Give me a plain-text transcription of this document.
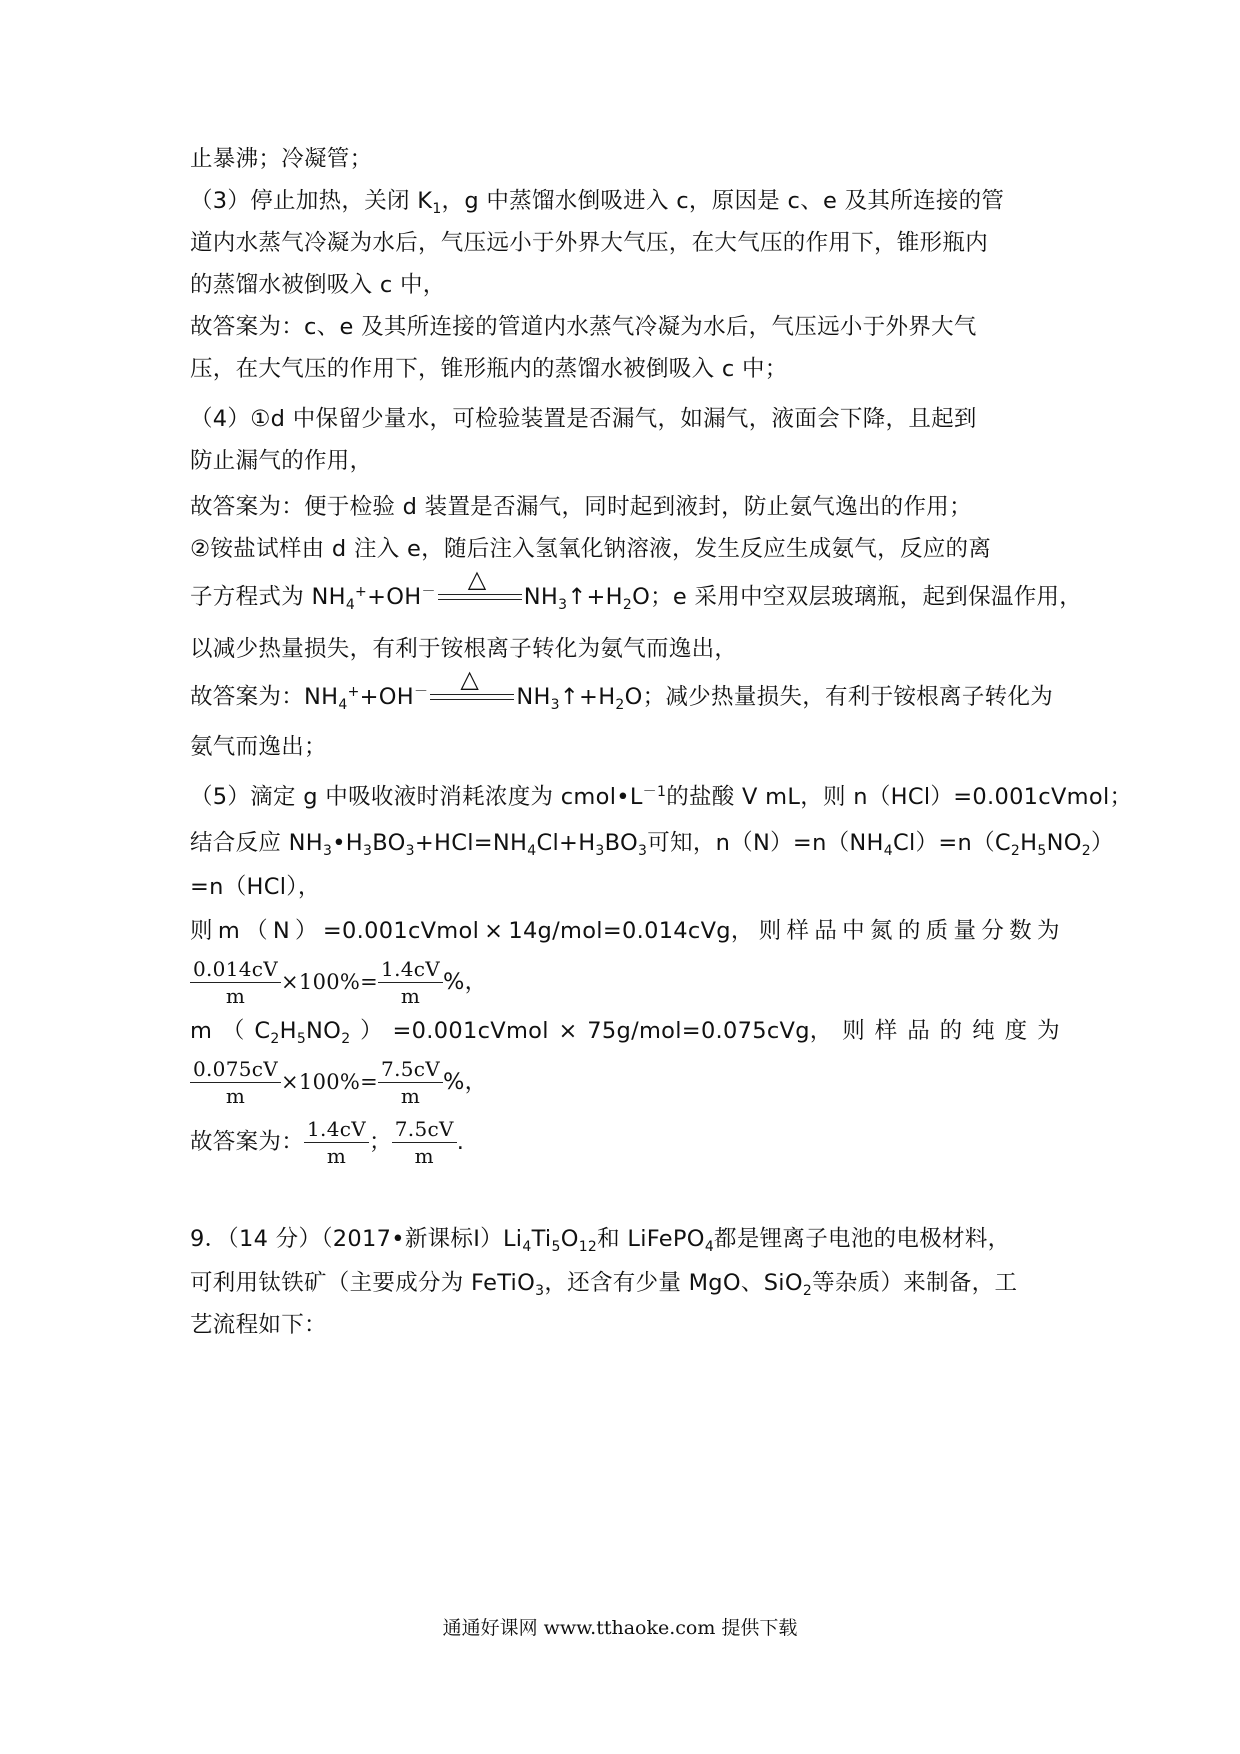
止暴沸；冷凝管；
（3）停止加热，关闭 $K_1$，g 中蒸馏水倒吸进入 c，原因是 c、e 及其所连接的管
道内水蒸气冷凝为水后，气压远小于外界大气压，在大气压的作用下，锥形瓶内
的蒸馏水被倒吸入 c 中，
故答案为：c、e 及其所连接的管道内水蒸气冷凝为水后，气压远小于外界大气
压，在大气压的作用下，锥形瓶内的蒸馏水被倒吸入 c 中；
（4）①d 中保留少量水，可检验装置是否漏气，如漏气，液面会下降，且起到
防止漏气的作用，
故答案为：便于检验 d 装置是否漏气，同时起到液封，防止氨气逸出的作用；
②铵盐试样由 d 注入 e，随后注入氢氧化钠溶液，发生反应生成氨气，反应的离
子方程式为 $NH_4^++OH^-$ △
$NH_3↑+H_2O$；e 采用中空双层玻璃瓶，起到保温作用，
以减少热量损失，有利于铵根离子转化为氨气而逸出，
故答案为：$NH_4^++OH^-$ △
$NH_3↑+H_2O$；减少热量损失，有利于铵根离子转化为
氨气而逸出；
（5）滴定 g 中吸收液时消耗浓度为 $cmol•L^{-1}$的盐酸 V mL，则 n（HCl）=0.001cVmol；
结合反应 $NH_3•H_3BO_3+HCl=NH_4Cl+H_3BO_3$可知，$n(N)=n(NH_4Cl)=n(C_2H_5NO_2)$
=n（HCl），
则 m （ N ） =0.001cVmol × 14g/mol=0.014cVg， 则 样 品 中 氮 的 质 量 分 数 为
$\frac{0.014cV}{m} \times 100\%= \frac{1.4cV}{m}$ %，
m （ $C_2H_5NO_2$ ） =0.001cVmol × 75g/mol=0.075cVg， 则 样 品 的 纯 度 为
$\frac{0.075cV}{m} \times 100\%= \frac{7.5cV}{m}$ %，
故答案为： $\frac{1.4cV}{m}$ ； $\frac{7.5cV}{m}$ .
9．（14 分）（2017•新课标$Ⅰ)Li_4Ti_5O_{12}$和 LiFePO$_4$都是锂离子电池的电极材料，
可利用钛铁矿（主要成分为 FeTiO$_3$，还含有少量 MgO、SiO$_2$等杂质）来制备，工
艺流程如下：
通通好课网 www.tthaoke.com 提供下载
